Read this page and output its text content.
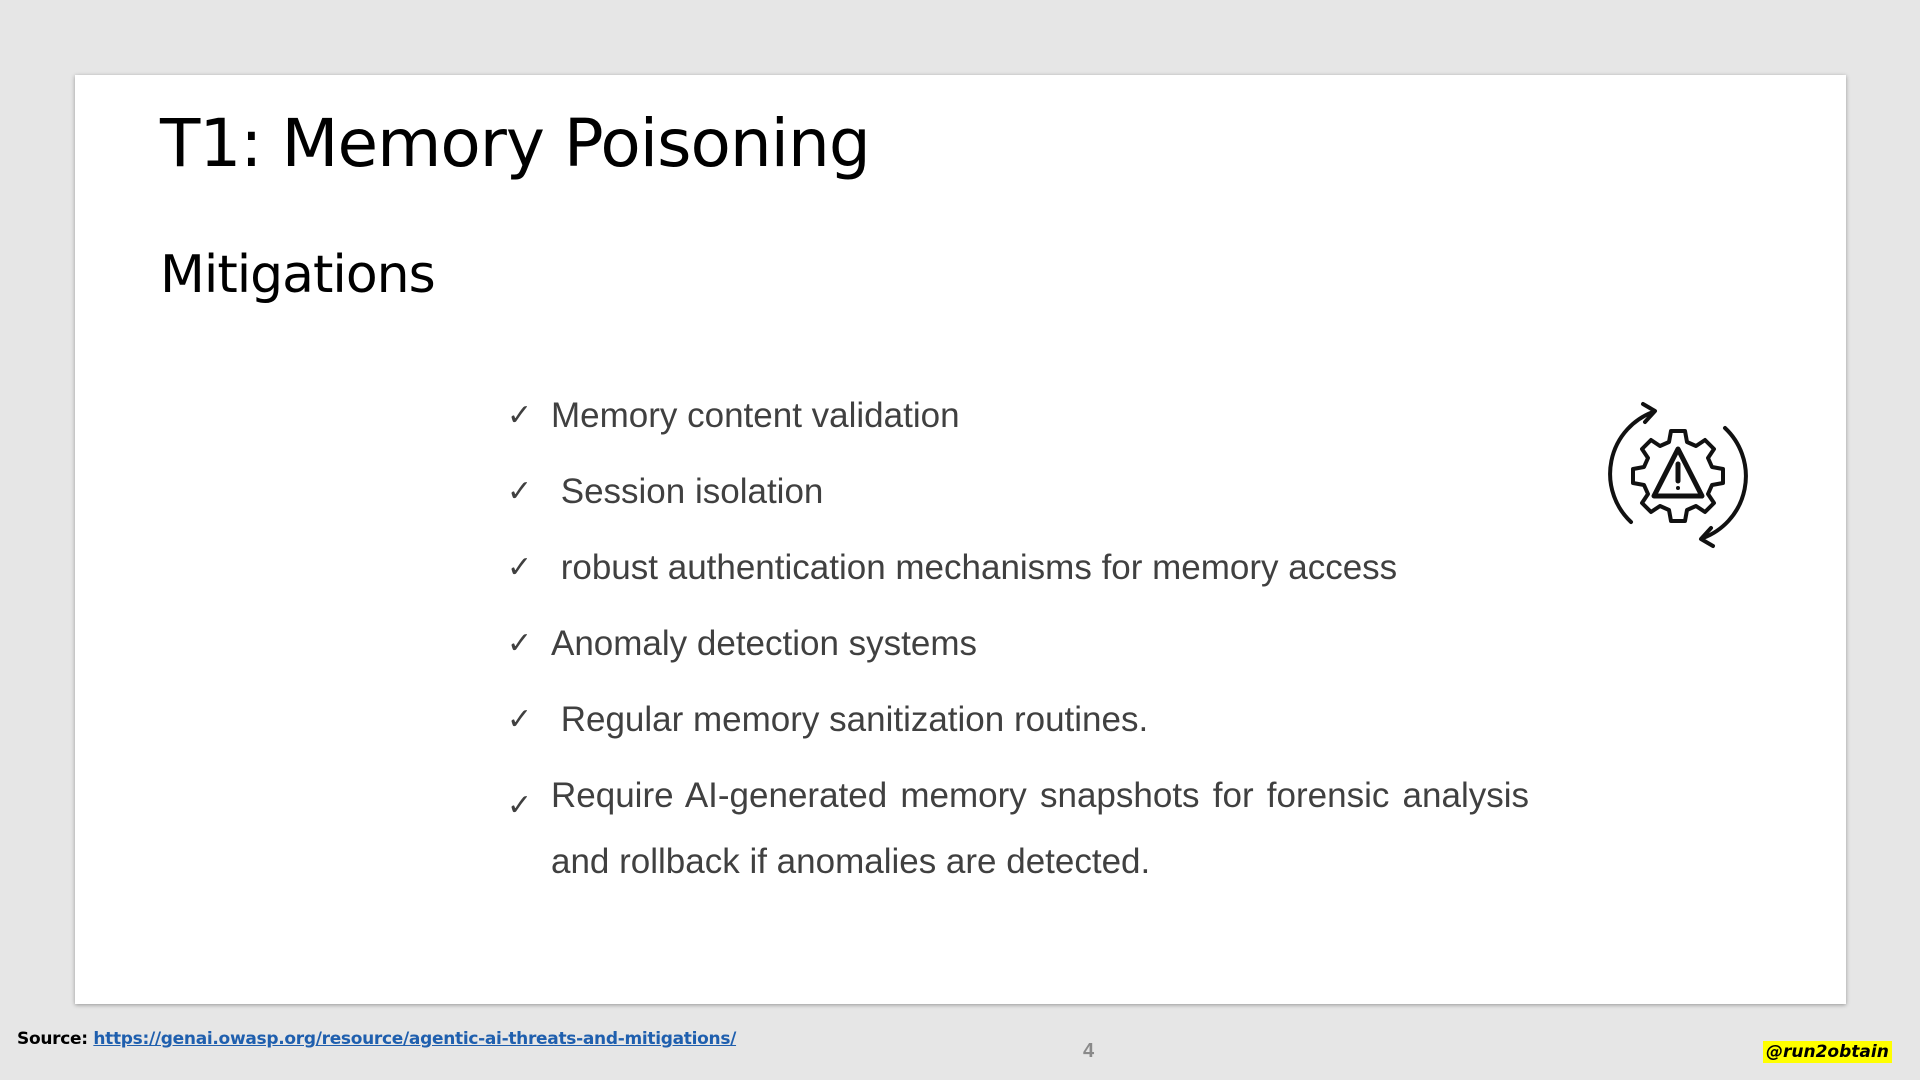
T1: Memory Poisoning
Mitigations
✓ Memory content validation
✓ Session isolation
✓ robust authentication mechanisms for memory access
✓ Anomaly detection systems
✓ Regular memory sanitization routines.
✓ Require AI-generated memory snapshots for forensic analysis and rollback if anomalies are detected.
Source: https://genai.owasp.org/resource/agentic-ai-threats-and-mitigations/
4	@run2obtain
